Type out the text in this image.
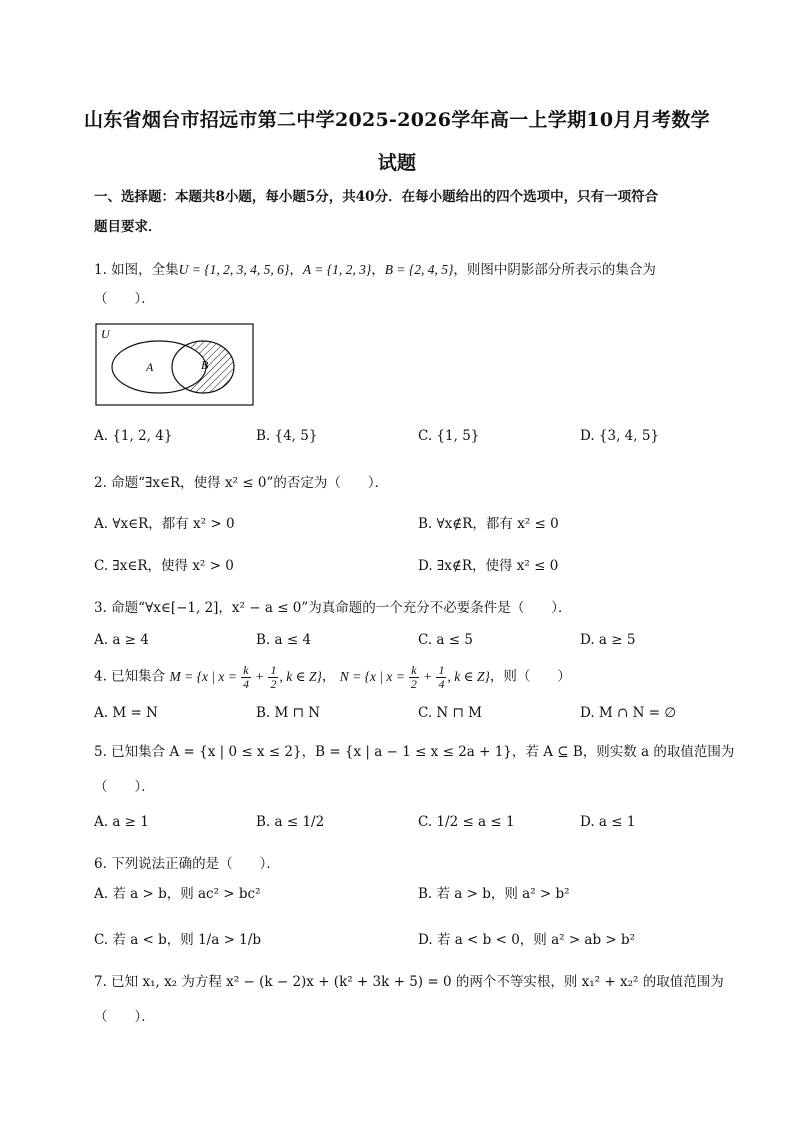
山东省烟台市招远市第二中学2025-2026学年高一上学期10月月考数学
试题
一、选择题：本题共8小题，每小题5分，共40分．在每小题给出的四个选项中，只有一项符合
题目要求．
1. 如图，全集U = {1, 2, 3, 4, 5, 6}，A = {1, 2, 3}，B = {2, 4, 5}，则图中阴影部分所表示的集合为
（　　）．
U
A	B
A. {1, 2, 4}	B. {4, 5}	C. {1, 5}	D. {3, 4, 5}
2. 命题“∃x∈R，使得 x² ≤ 0”的否定为（　　）．
A. ∀x∈R，都有 x² > 0	B. ∀x∉R，都有 x² ≤ 0
C. ∃x∈R，使得 x² > 0	D. ∃x∉R，使得 x² ≤ 0
3. 命题“∀x∈[−1, 2]，x² − a ≤ 0”为真命题的一个充分不必要条件是（　　）．
A. a ≥ 4	B. a ≤ 4	C. a ≤ 5	D. a ≥ 5
4. 已知集合 M = {x | $x = \frac{k}{4} + \frac{1}{2}$ , k ∈ Z}， N = {x | $x = \frac{k}{2} + \frac{1}{4}$ , k ∈ Z}，则（　　）
A. M = N	B. M ⊓ N	C. N ⊓ M	D. M ∩ N = ∅
5. 已知集合 A = {x | 0 ≤ x ≤ 2}，B = {x | a − 1 ≤ x ≤ 2a + 1}，若 A ⊆ B，则实数 a 的取值范围为
（　　）．
A. a ≥ 1	B. a ≤ 1/2	C. 1/2 ≤ a ≤ 1	D. a ≤ 1
6. 下列说法正确的是（　　）．
A. 若 a > b，则 ac² > bc²	B. 若 a > b，则 a² > b²
C. 若 a < b，则 1/a > 1/b	D. 若 a < b < 0，则 a² > ab > b²
7. 已知 x₁, x₂ 为方程 x² − (k − 2)x + (k² + 3k + 5) = 0 的两个不等实根，则 x₁² + x₂² 的取值范围为
（　　）．
